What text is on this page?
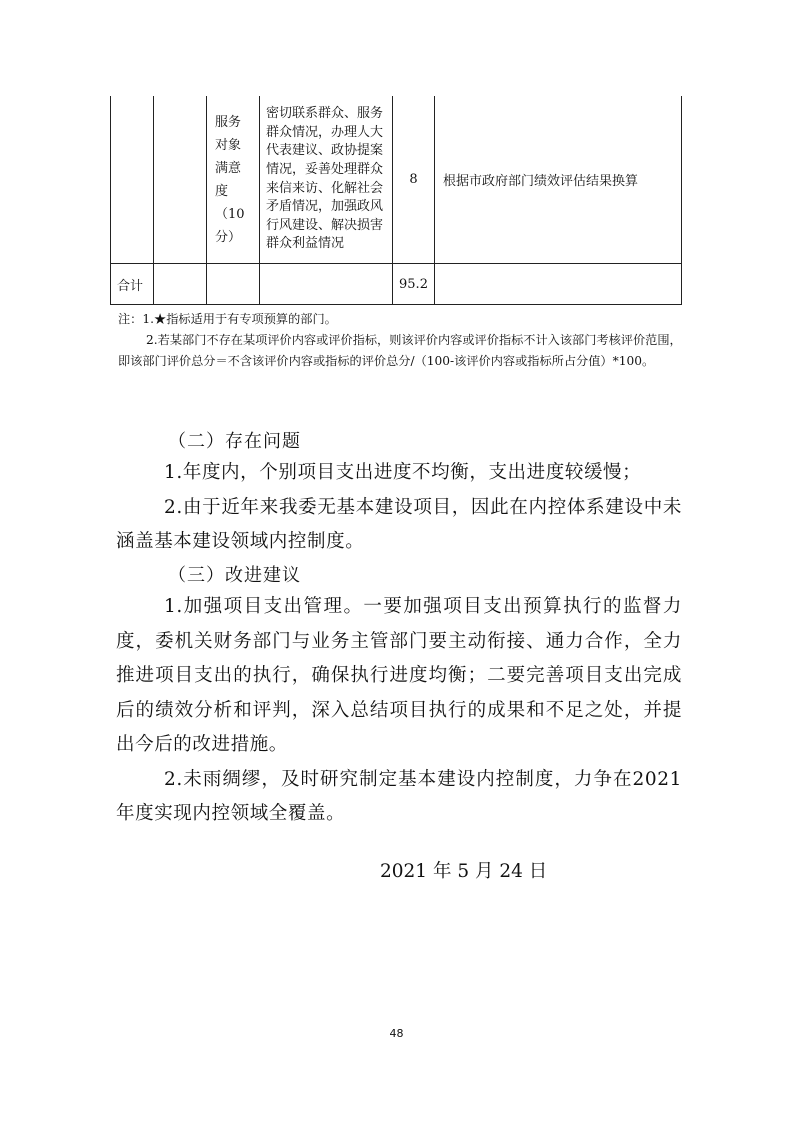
		服务对象满意度（10分）	密切联系群众、服务群众情况，办理人大代表建议、政协提案情况，妥善处理群众来信来访、化解社会矛盾情况，加强政风行风建设、解决损害群众利益情况	8	根据市政府部门绩效评估结果换算
合计				95.2	

注：1.★指标适用于有专项预算的部门。

2.若某部门不存在某项评价内容或评价指标，则该评价内容或评价指标不计入该部门考核评价范围，即该部门评价总分＝不含该评价内容或指标的评价总分/（100-该评价内容或指标所占分值）*100。

（二）存在问题

1.年度内，个别项目支出进度不均衡，支出进度较缓慢；

2.由于近年来我委无基本建设项目，因此在内控体系建设中未涵盖基本建设领域内控制度。

（三）改进建议

1.加强项目支出管理。一要加强项目支出预算执行的监督力度，委机关财务部门与业务主管部门要主动衔接、通力合作，全力推进项目支出的执行，确保执行进度均衡；二要完善项目支出完成后的绩效分析和评判，深入总结项目执行的成果和不足之处，并提出今后的改进措施。

2.未雨绸缪，及时研究制定基本建设内控制度，力争在2021年度实现内控领域全覆盖。

2021 年 5 月 24 日
48
